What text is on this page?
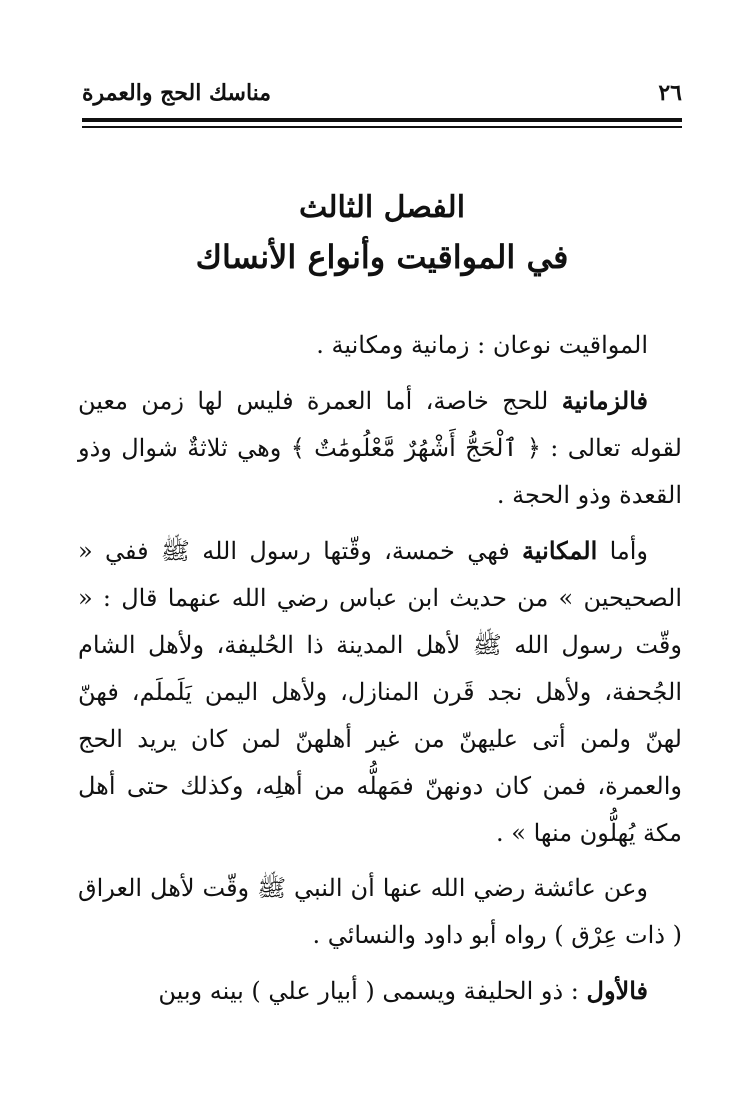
٢٦
مناسك الحج والعمرة
الفصل الثالث
في المواقيت وأنواع الأنساك

المواقيت نوعان : زمانية ومكانية .

فالزمانية للحج خاصة، أما العمرة فليس لها زمن معين لقوله تعالى : ﴿ ٱلْحَجُّ أَشْهُرٌ مَّعْلُومَٰتٌ ﴾ وهي ثلاثةٌ شوال وذو القعدة وذو الحجة .

وأما المكانية فهي خمسة، وقّتها رسول الله ﷺ ففي « الصحيحين » من حديث ابن عباس رضي الله عنهما قال : « وقّت رسول الله ﷺ لأهل المدينة ذا الحُليفة، ولأهل الشام الجُحفة، ولأهل نجد قَرن المنازل، ولأهل اليمن يَلَملَم، فهنّ لهنّ ولمن أتى عليهنّ من غير أهلهنّ لمن كان يريد الحج والعمرة، فمن كان دونهنّ فمَهلُّه من أهلِه، وكذلك حتى أهل مكة يُهلُّون منها » .

وعن عائشة رضي الله عنها أن النبي ﷺ وقّت لأهل العراق ( ذات عِرْق ) رواه أبو داود والنسائي .

فالأول : ذو الحليفة ويسمى ( أبيار علي ) بينه وبين
